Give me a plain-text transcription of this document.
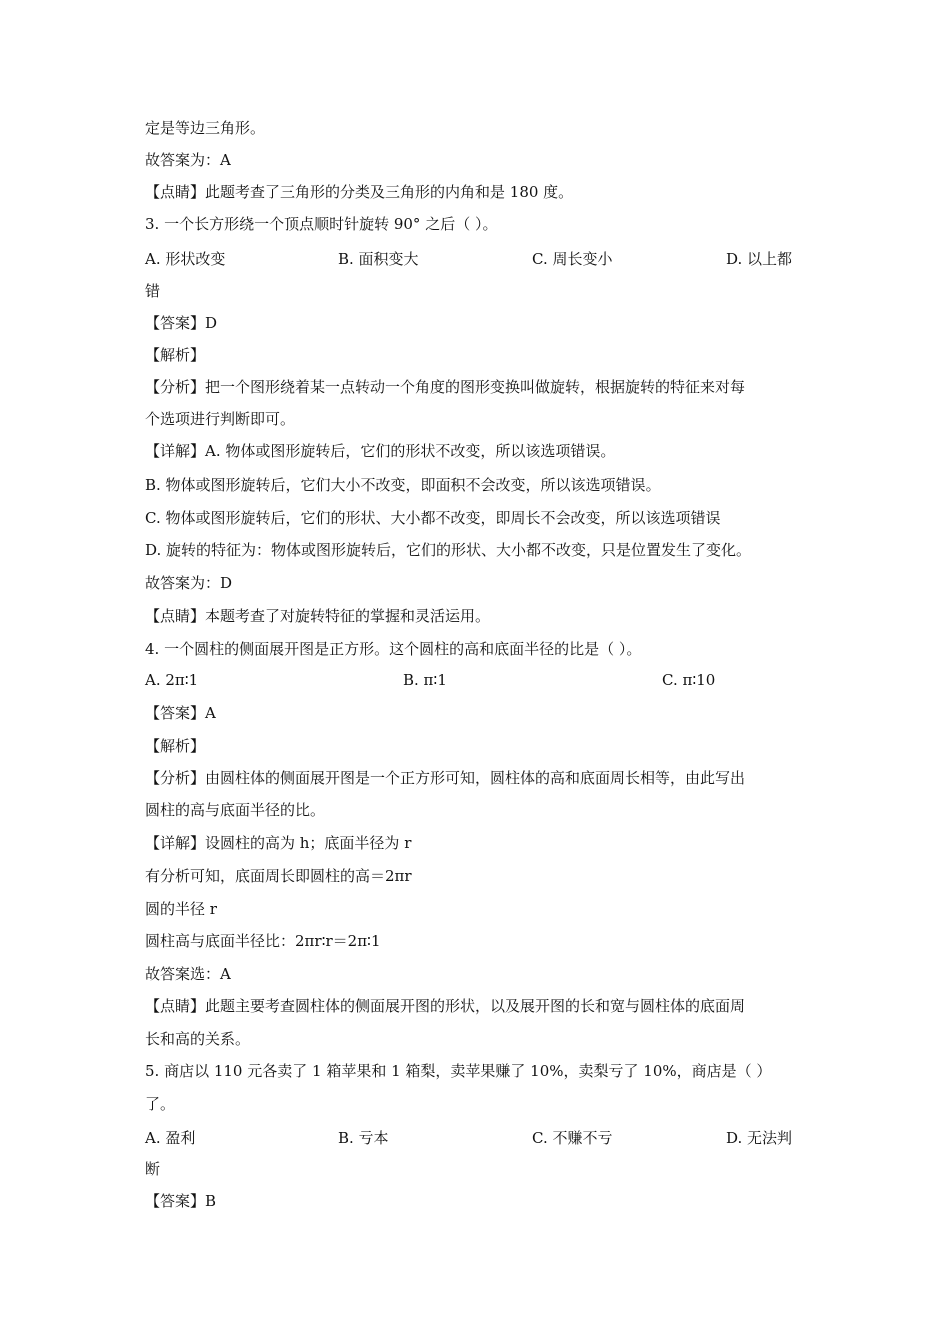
定是等边三角形。
故答案为：A
【点睛】此题考查了三角形的分类及三角形的内角和是 180 度。
3. 一个长方形绕一个顶点顺时针旋转 90° 之后（ ）。
A. 形状改变	B. 面积变大	C. 周长变小	D. 以上都
错
【答案】D
【解析】
【分析】把一个图形绕着某一点转动一个角度的图形变换叫做旋转，根据旋转的特征来对每
个选项进行判断即可。
【详解】A. 物体或图形旋转后，它们的形状不改变，所以该选项错误。
B. 物体或图形旋转后，它们大小不改变，即面积不会改变，所以该选项错误。
C. 物体或图形旋转后，它们的形状、大小都不改变，即周长不会改变，所以该选项错误
D. 旋转的特征为：物体或图形旋转后，它们的形状、大小都不改变，只是位置发生了变化。
故答案为：D
【点睛】本题考查了对旋转特征的掌握和灵活运用。
4. 一个圆柱的侧面展开图是正方形。这个圆柱的高和底面半径的比是（ ）。
A. 2π∶1	B. π∶1	C. π∶10
【答案】A
【解析】
【分析】由圆柱体的侧面展开图是一个正方形可知，圆柱体的高和底面周长相等，由此写出
圆柱的高与底面半径的比。
【详解】设圆柱的高为 h；底面半径为 r
有分析可知，底面周长即圆柱的高＝2πr
圆的半径 r
圆柱高与底面半径比：2πr∶r＝2π∶1
故答案选：A
【点睛】此题主要考查圆柱体的侧面展开图的形状，以及展开图的长和宽与圆柱体的底面周
长和高的关系。
5. 商店以 110 元各卖了 1 箱苹果和 1 箱梨，卖苹果赚了 10%，卖梨亏了 10%，商店是（ ）
了。
A. 盈利	B. 亏本	C. 不赚不亏	D. 无法判
断
【答案】B
